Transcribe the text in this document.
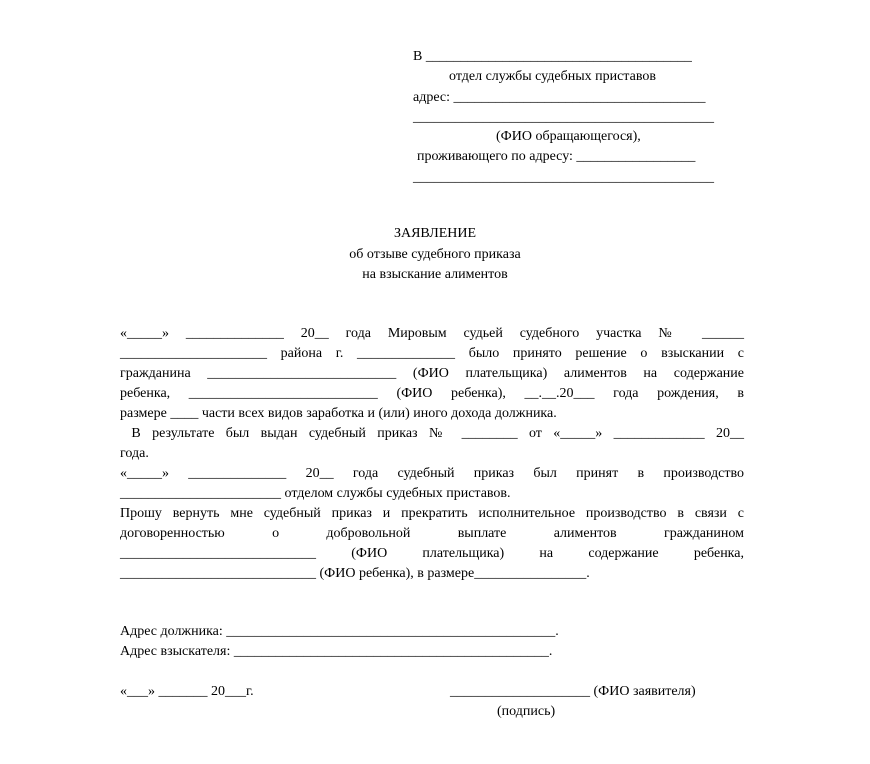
В ______________________________________
отдел службы судебных приставов
адрес: ____________________________________
___________________________________________
(ФИО обращающегося),
проживающего по адресу: _________________
___________________________________________
ЗАЯВЛЕНИЕ
об отзыве судебного приказа
на взыскание алиментов
«_____» ______________ 20__ года Мировым судьей судебного участка № ______
_____________________ района г. ______________ было принято решение о взыскании с
гражданина ___________________________ (ФИО плательщика) алиментов на содержание
ребенка, ___________________________ (ФИО ребенка), __.__.20___ года рождения, в
размере ____ части всех видов заработка и (или) иного дохода должника.
В результате был выдан судебный приказ № ________ от «_____» _____________ 20__
года.
«_____» ______________ 20__ года судебный приказ был принят в производство
_______________________ отделом службы судебных приставов.
Прошу вернуть мне судебный приказ и прекратить исполнительное производство в связи с
договоренностью о добровольной выплате алиментов гражданином
____________________________ (ФИО плательщика) на содержание ребенка,
____________________________ (ФИО ребенка), в размере________________.
Адрес должника: _______________________________________________.
Адрес взыскателя: _____________________________________________.
«___» _______ 20___г.	____________________ (ФИО заявителя)
(подпись)
